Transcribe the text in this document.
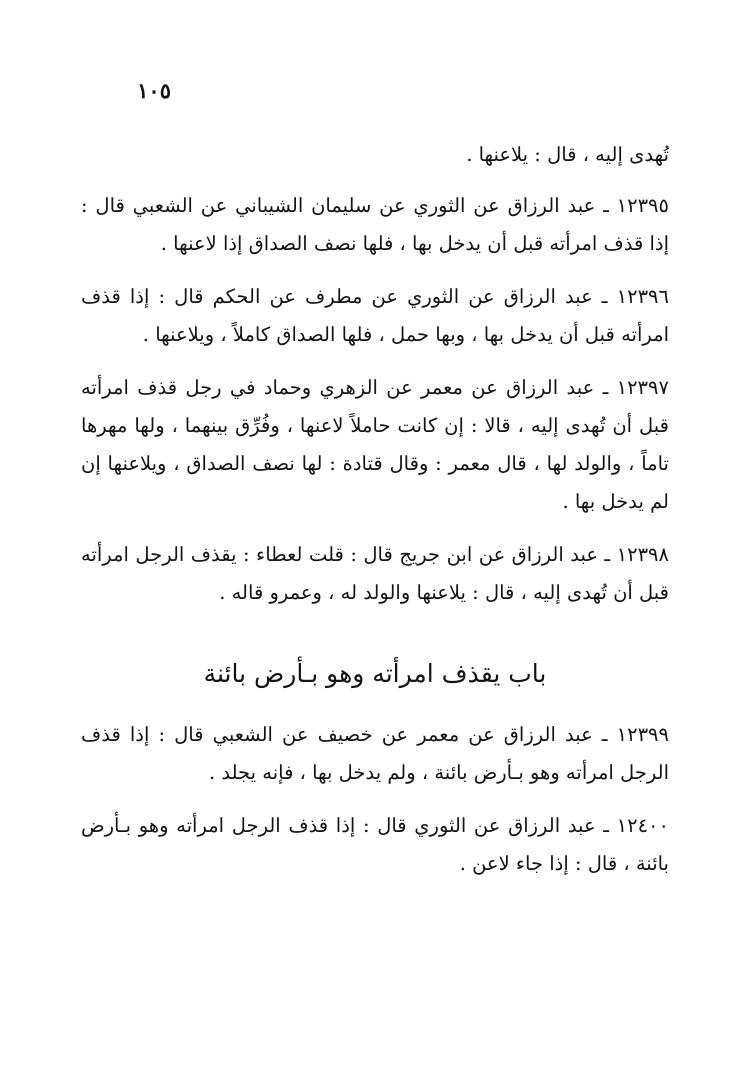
١٠٥

تُهدى إليه ، قال : يلاعنها .

١٢٣٩٥ ـ عبد الرزاق عن الثوري عن سليمان الشيباني عن الشعبي قال : إذا قذف امرأته قبل أن يدخل بها ، فلها نصف الصداق إذا لاعنها .

١٢٣٩٦ ـ عبد الرزاق عن الثوري عن مطرف عن الحكم قال : إذا قذف امرأته قبل أن يدخل بها ، وبها حمل ، فلها الصداق كاملاً ، ويلاعنها .

١٢٣٩٧ ـ عبد الرزاق عن معمر عن الزهري وحماد في رجل قذف امرأته قبل أن تُهدى إليه ، قالا : إن كانت حاملاً لاعنها ، وفُرِّق بينهما ، ولها مهرها تاماً ، والولد لها ، قال معمر : وقال قتادة : لها نصف الصداق ، ويلاعنها إن لم يدخل بها .

١٢٣٩٨ ـ عبد الرزاق عن ابن جريج قال : قلت لعطاء : يقذف الرجل امرأته قبل أن تُهدى إليه ، قال : يلاعنها والولد له ، وعمرو قاله .

باب يقذف امرأته وهو بـأرض بائنة

١٢٣٩٩ ـ عبد الرزاق عن معمر عن خصيف عن الشعبي قال : إذا قذف الرجل امرأته وهو بـأرض بائنة ، ولم يدخل بها ، فإنه يجلد .

١٢٤٠٠ ـ عبد الرزاق عن الثوري قال : إذا قذف الرجل امرأته وهو بـأرض بائنة ، قال : إذا جاء لاعن .
